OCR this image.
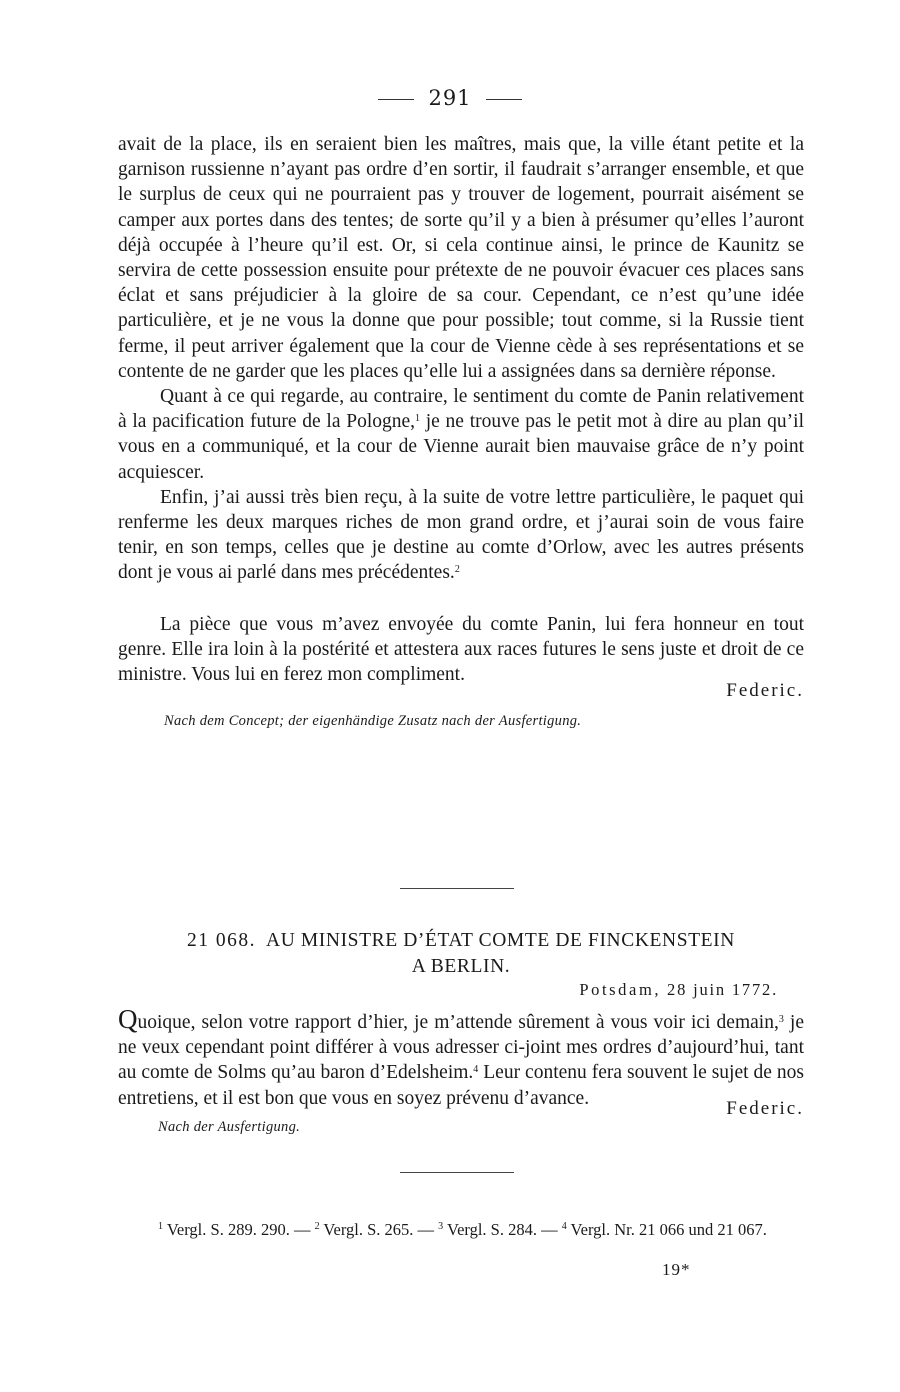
291

avait de la place, ils en seraient bien les maîtres, mais que, la ville étant petite et la garnison russienne n’ayant pas ordre d’en sortir, il faudrait s’arranger ensemble, et que le surplus de ceux qui ne pourraient pas y trouver de logement, pourrait aisément se camper aux portes dans des tentes; de sorte qu’il y a bien à présumer qu’elles l’auront déjà occupée à l’heure qu’il est. Or, si cela continue ainsi, le prince de Kaunitz se servira de cette possession ensuite pour prétexte de ne pouvoir évacuer ces places sans éclat et sans préjudicier à la gloire de sa cour. Cependant, ce n’est qu’une idée particulière, et je ne vous la donne que pour possible; tout comme, si la Russie tient ferme, il peut arriver également que la cour de Vienne cède à ses représentations et se contente de ne garder que les places qu’elle lui a assignées dans sa dernière réponse.

Quant à ce qui regarde, au contraire, le sentiment du comte de Panin relativement à la pacification future de la Pologne,$^1$ je ne trouve pas le petit mot à dire au plan qu’il vous en a communiqué, et la cour de Vienne aurait bien mauvaise grâce de n’y point acquiescer.

Enfin, j’ai aussi très bien reçu, à la suite de votre lettre particulière, le paquet qui renferme les deux marques riches de mon grand ordre, et j’aurai soin de vous faire tenir, en son temps, celles que je destine au comte d’Orlow, avec les autres présents dont je vous ai parlé dans mes précédentes.$^2$

La pièce que vous m’avez envoyée du comte Panin, lui fera honneur en tout genre. Elle ira loin à la postérité et attestera aux races futures le sens juste et droit de ce ministre. Vous lui en ferez mon compliment.

Federic.

Nach dem Concept; der eigenhändige Zusatz nach der Ausfertigung.

21 068. AU MINISTRE D’ÉTAT COMTE DE FINCKENSTEIN
A BERLIN.
Potsdam, 28 juin 1772.

Quoique, selon votre rapport d’hier, je m’attende sûrement à vous voir ici demain,$^3$ je ne veux cependant point différer à vous adresser ci-joint mes ordres d’aujourd’hui, tant au comte de Solms qu’au baron d’Edelsheim.$^4$ Leur contenu fera souvent le sujet de nos entretiens, et il est bon que vous en soyez prévenu d’avance.	Federic.

Nach der Ausfertigung.

$^1$ Vergl. S. 289. 290. — $^2$ Vergl. S. 265. — $^3$ Vergl. S. 284. — $^4$ Vergl. Nr. 21 066 und 21 067.
19*
